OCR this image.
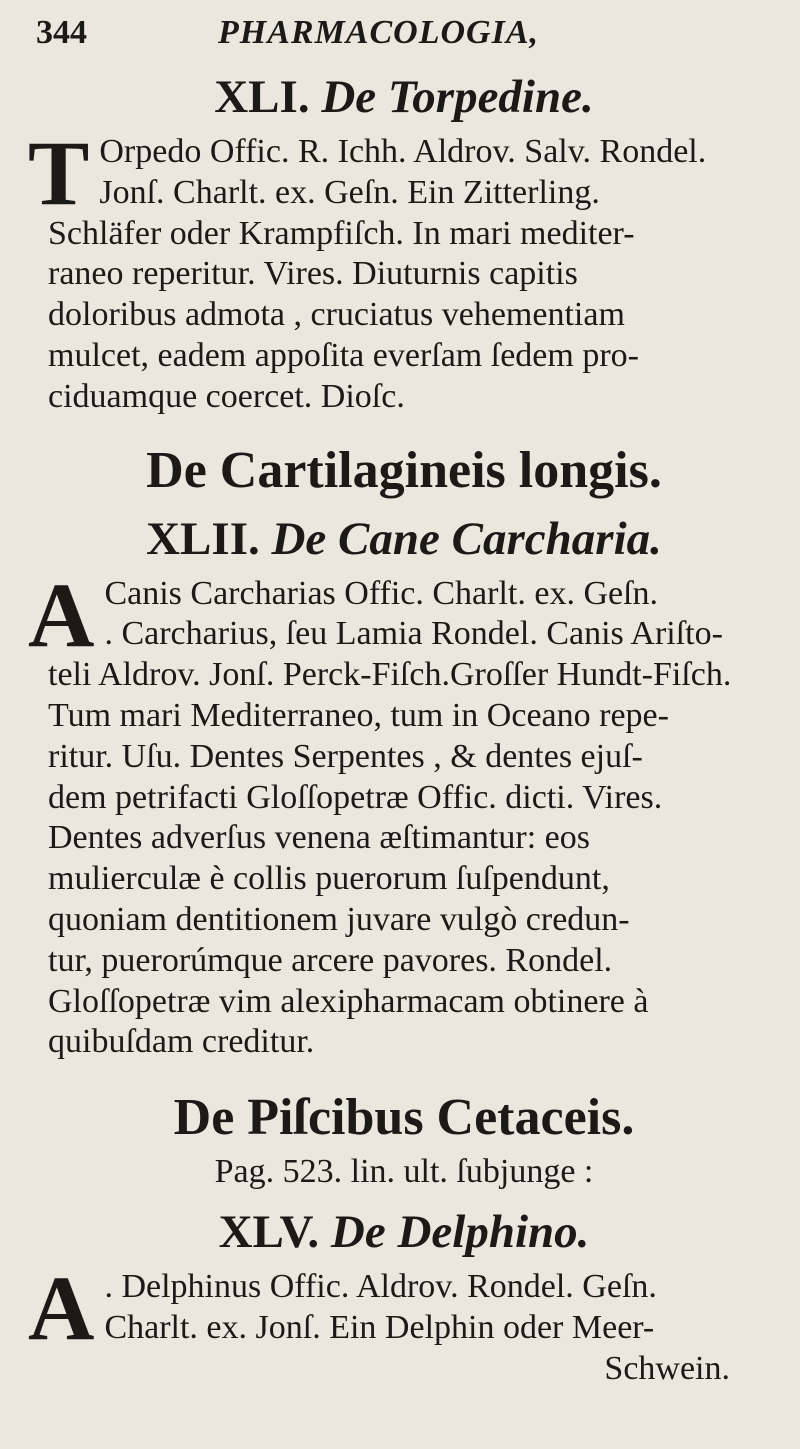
344	PHARMACOLOGIA,
XLI. De Torpedine.
T Orpedo Offic. R. Ichh. Aldrov. Salv. Rondel.
Jonſ. Charlt. ex. Geſn. Ein Zitterling.
Schläfer oder Krampfiſch. In mari mediter-
raneo reperitur. Vires. Diuturnis capitis
doloribus admota , cruciatus vehementiam
mulcet, eadem appoſita everſam ſedem pro-
ciduamque coercet. Dioſc.
De Cartilagineis longis.
XLII. De Cane Carcharia.
A Canis Carcharias Offic. Charlt. ex. Geſn.
. Carcharius, ſeu Lamia Rondel. Canis Ariſto-
teli Aldrov. Jonſ. Perck-Fiſch.Groſſer Hundt-Fiſch.
Tum mari Mediterraneo, tum in Oceano repe-
ritur. Uſu. Dentes Serpentes , & dentes ejuſ-
dem petrifacti Gloſſopetræ Offic. dicti. Vires.
Dentes adverſus venena æſtimantur: eos
mulierculæ è collis puerorum ſuſpendunt,
quoniam dentitionem juvare vulgò credun-
tur, puerorúmque arcere pavores. Rondel.
Gloſſopetræ vim alexipharmacam obtinere à
quibuſdam creditur.
De Piſcibus Cetaceis.

Pag. 523. lin. ult. ſubjunge :

XLV. De Delphino.
A . Delphinus Offic. Aldrov. Rondel. Geſn.
Charlt. ex. Jonſ. Ein Delphin oder Meer-
Schwein.
